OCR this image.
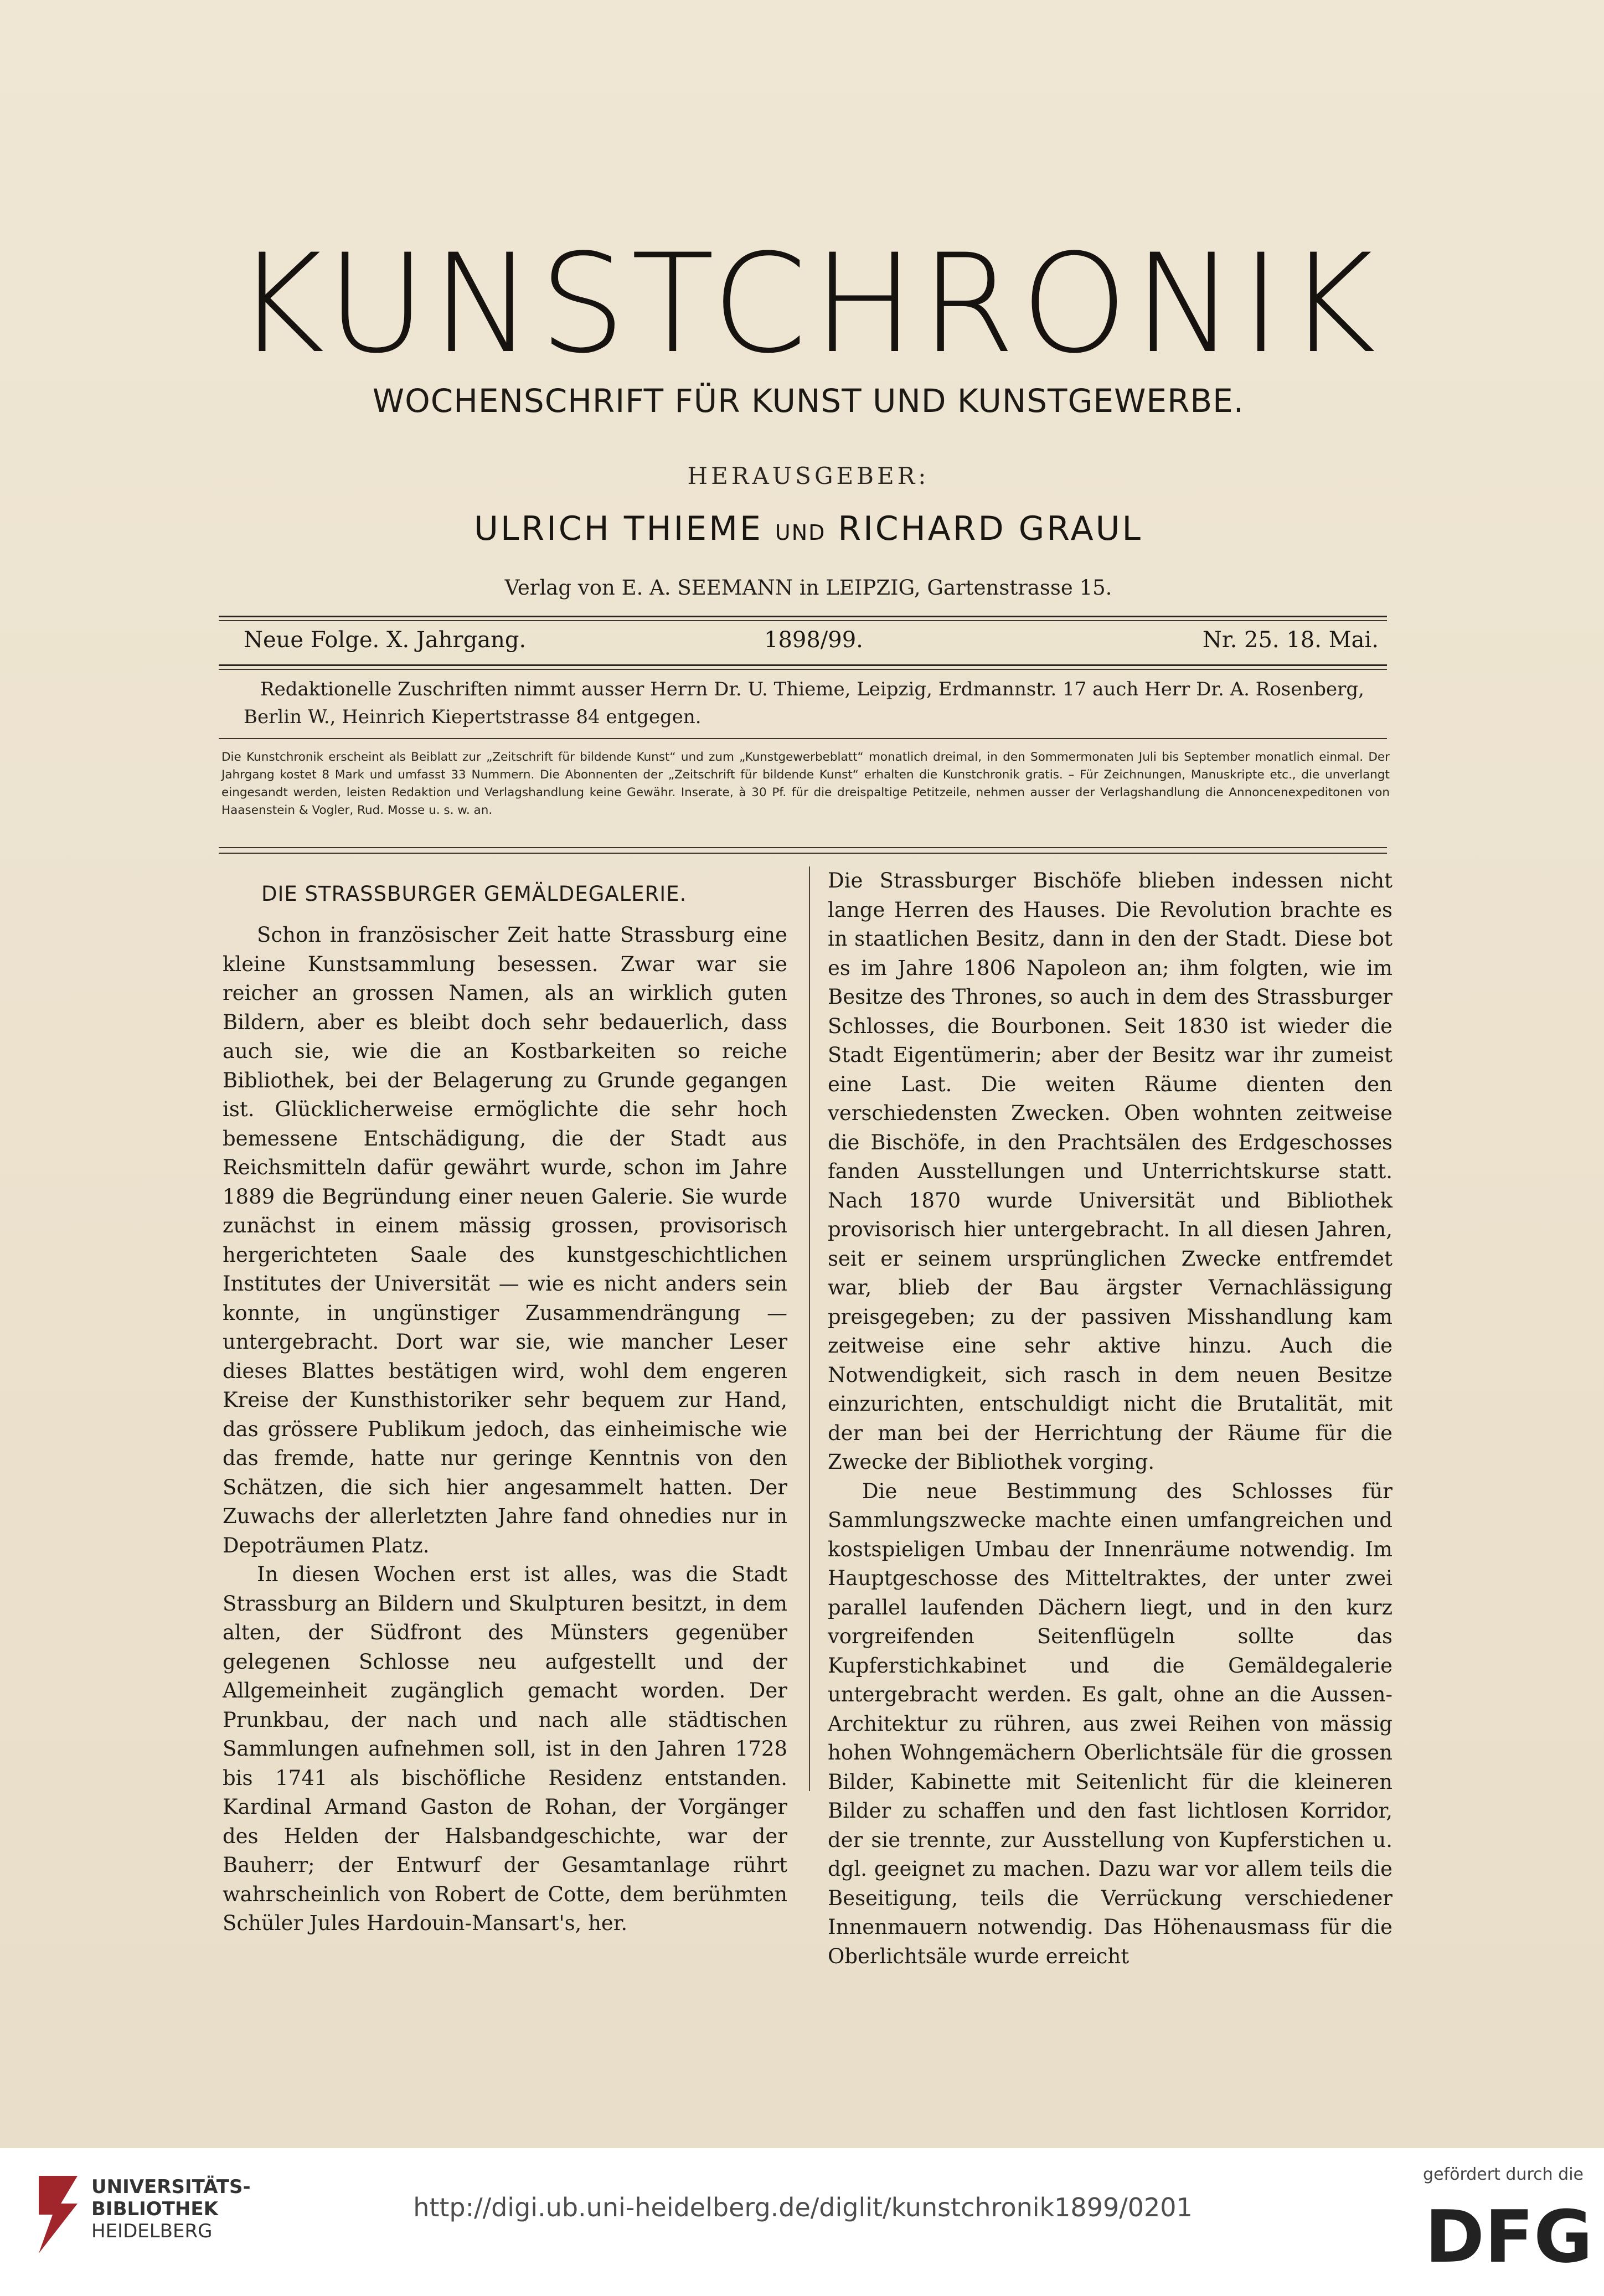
KUNSTCHRONIK
WOCHENSCHRIFT FÜR KUNST UND KUNSTGEWERBE.
HERAUSGEBER:
ULRICH THIEME UND RICHARD GRAUL
Verlag von E. A. SEEMANN in LEIPZIG, Gartenstrasse 15.
Neue Folge. X. Jahrgang.	1898/99.	Nr. 25. 18. Mai.
Redaktionelle Zuschriften nimmt ausser Herrn Dr. U. Thieme, Leipzig, Erdmannstr. 17 auch Herr Dr. A. Rosenberg,
Berlin W., Heinrich Kiepertstrasse 84 entgegen.
Die Kunstchronik erscheint als Beiblatt zur „Zeitschrift für bildende Kunst“ und zum „Kunstgewerbeblatt“ monatlich dreimal, in den Sommermonaten Juli bis September monatlich einmal. Der Jahrgang kostet 8 Mark und umfasst 33 Nummern. Die Abonnenten der „Zeitschrift für bildende Kunst“ erhalten die Kunstchronik gratis. – Für Zeichnungen, Manuskripte etc., die unverlangt eingesandt werden, leisten Redaktion und Verlagshandlung keine Gewähr. Inserate, à 30 Pf. für die dreispaltige Petitzeile, nehmen ausser der Verlagshandlung die Annoncenexpeditonen von Haasenstein & Vogler, Rud. Mosse u. s. w. an.
DIE STRASSBURGER GEMÄLDEGALERIE.

Schon in französischer Zeit hatte Strassburg eine kleine Kunstsammlung besessen. Zwar war sie reicher an grossen Namen, als an wirklich guten Bildern, aber es bleibt doch sehr bedauerlich, dass auch sie, wie die an Kostbarkeiten so reiche Bibliothek, bei der Belagerung zu Grunde gegangen ist. Glücklicherweise ermöglichte die sehr hoch bemessene Entschädigung, die der Stadt aus Reichsmitteln dafür gewährt wurde, schon im Jahre 1889 die Begründung einer neuen Galerie. Sie wurde zunächst in einem mässig grossen, provisorisch hergerichteten Saale des kunstgeschichtlichen Institutes der Universität — wie es nicht anders sein konnte, in ungünstiger Zusammendrängung — untergebracht. Dort war sie, wie mancher Leser dieses Blattes bestätigen wird, wohl dem engeren Kreise der Kunsthistoriker sehr bequem zur Hand, das grössere Publikum jedoch, das einheimische wie das fremde, hatte nur geringe Kenntnis von den Schätzen, die sich hier angesammelt hatten. Der Zuwachs der allerletzten Jahre fand ohnedies nur in Depoträumen Platz.

In diesen Wochen erst ist alles, was die Stadt Strassburg an Bildern und Skulpturen besitzt, in dem alten, der Südfront des Münsters gegenüber gelegenen Schlosse neu aufgestellt und der Allgemeinheit zugänglich gemacht worden. Der Prunkbau, der nach und nach alle städtischen Sammlungen aufnehmen soll, ist in den Jahren 1728 bis 1741 als bischöfliche Residenz entstanden. Kardinal Armand Gaston de Rohan, der Vorgänger des Helden der Halsbandgeschichte, war der Bauherr; der Entwurf der Gesamtanlage rührt wahrscheinlich von Robert de Cotte, dem berühmten Schüler Jules Hardouin-Mansart's, her.

Die Strassburger Bischöfe blieben indessen nicht lange Herren des Hauses. Die Revolution brachte es in staatlichen Besitz, dann in den der Stadt. Diese bot es im Jahre 1806 Napoleon an; ihm folgten, wie im Besitze des Thrones, so auch in dem des Strassburger Schlosses, die Bourbonen. Seit 1830 ist wieder die Stadt Eigentümerin; aber der Besitz war ihr zumeist eine Last. Die weiten Räume dienten den verschiedensten Zwecken. Oben wohnten zeitweise die Bischöfe, in den Prachtsälen des Erdgeschosses fanden Ausstellungen und Unterrichtskurse statt. Nach 1870 wurde Universität und Bibliothek provisorisch hier untergebracht. In all diesen Jahren, seit er seinem ursprünglichen Zwecke entfremdet war, blieb der Bau ärgster Vernachlässigung preisgegeben; zu der passiven Misshandlung kam zeitweise eine sehr aktive hinzu. Auch die Notwendigkeit, sich rasch in dem neuen Besitze einzurichten, entschuldigt nicht die Brutalität, mit der man bei der Herrichtung der Räume für die Zwecke der Bibliothek vorging.

Die neue Bestimmung des Schlosses für Sammlungszwecke machte einen umfangreichen und kostspieligen Umbau der Innenräume notwendig. Im Hauptgeschosse des Mitteltraktes, der unter zwei parallel laufenden Dächern liegt, und in den kurz vorgreifenden Seitenflügeln sollte das Kupferstichkabinet und die Gemäldegalerie untergebracht werden. Es galt, ohne an die Aussen-Architektur zu rühren, aus zwei Reihen von mässig hohen Wohngemächern Oberlichtsäle für die grossen Bilder, Kabinette mit Seitenlicht für die kleineren Bilder zu schaffen und den fast lichtlosen Korridor, der sie trennte, zur Ausstellung von Kupferstichen u. dgl. geeignet zu machen. Dazu war vor allem teils die Beseitigung, teils die Verrückung verschiedener Innenmauern notwendig. Das Höhenausmass für die Oberlichtsäle wurde erreicht

UNIVERSITÄTS-
BIBLIOTHEK
HEIDELBERG
http://digi.ub.uni-heidelberg.de/diglit/kunstchronik1899/0201
gefördert durch die
DFG
